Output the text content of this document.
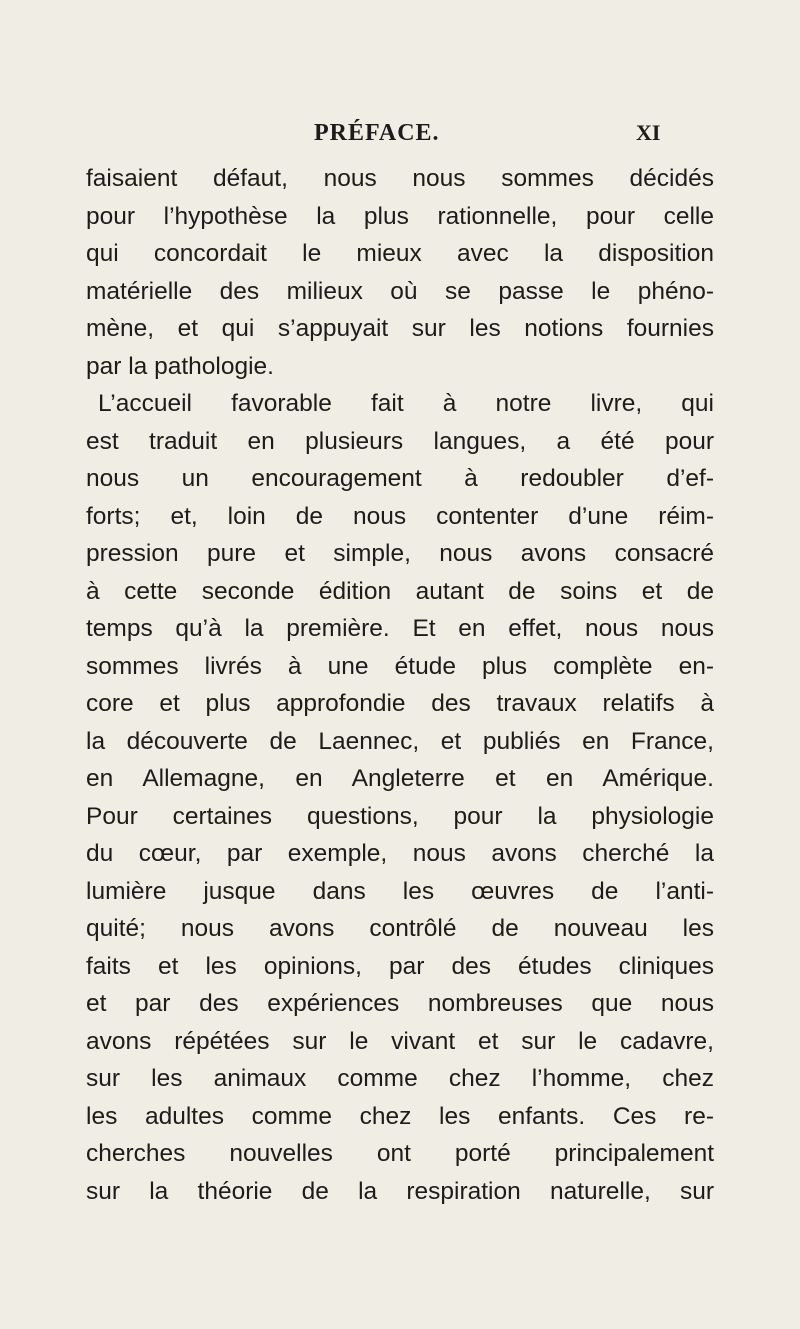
PRÉFACE.	XI
faisaient défaut, nous nous sommes décidés
pour l’hypothèse la plus rationnelle, pour celle
qui concordait le mieux avec la disposition
matérielle des milieux où se passe le phéno-
mène, et qui s’appuyait sur les notions fournies
par la pathologie.
L’accueil favorable fait à notre livre, qui
est traduit en plusieurs langues, a été pour
nous un encouragement à redoubler d’ef-
forts; et, loin de nous contenter d’une réim-
pression pure et simple, nous avons consacré
à cette seconde édition autant de soins et de
temps qu’à la première. Et en effet, nous nous
sommes livrés à une étude plus complète en-
core et plus approfondie des travaux relatifs à
la découverte de Laennec, et publiés en France,
en Allemagne, en Angleterre et en Amérique.
Pour certaines questions, pour la physiologie
du cœur, par exemple, nous avons cherché la
lumière jusque dans les œuvres de l’anti-
quité; nous avons contrôlé de nouveau les
faits et les opinions, par des études cliniques
et par des expériences nombreuses que nous
avons répétées sur le vivant et sur le cadavre,
sur les animaux comme chez l’homme, chez
les adultes comme chez les enfants. Ces re-
cherches nouvelles ont porté principalement
sur la théorie de la respiration naturelle, sur
